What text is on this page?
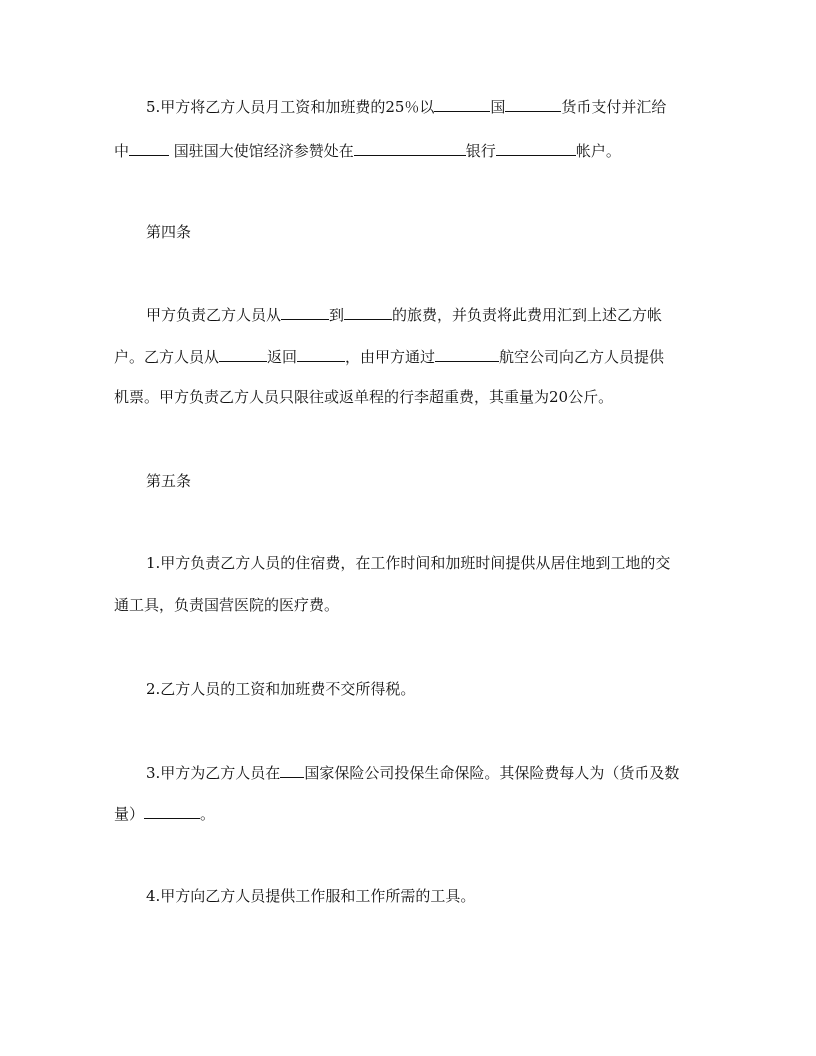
5.甲方将乙方人员月工资和加班费的25％以	国	货币支付并汇给
中	国驻国大使馆经济参赞处在	银行	帐户。
第四条
甲方负责乙方人员从	到	的旅费，并负责将此费用汇到上述乙方帐
户。乙方人员从	返回	，由甲方通过	航空公司向乙方人员提供
机票。甲方负责乙方人员只限往或返单程的行李超重费，其重量为20公斤。
第五条
1.甲方负责乙方人员的住宿费，在工作时间和加班时间提供从居住地到工地的交
通工具，负责国营医院的医疗费。
2.乙方人员的工资和加班费不交所得税。
3.甲方为乙方人员在 国家保险公司投保生命保险。其保险费每人为（货币及数
量）	。
4.甲方向乙方人员提供工作服和工作所需的工具。
